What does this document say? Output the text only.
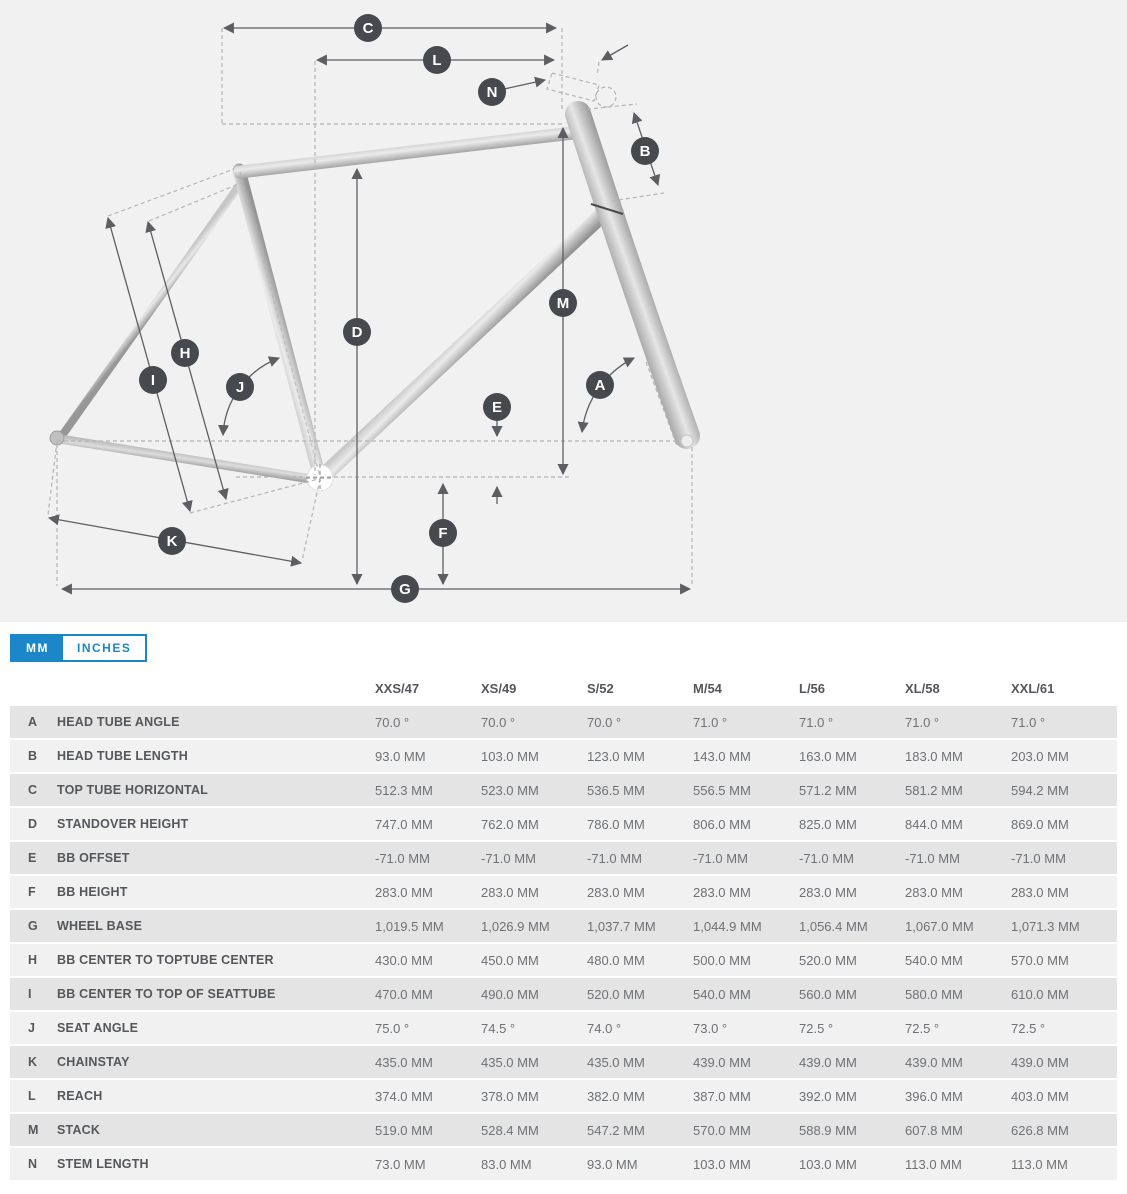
C
L
N
B
M
D
H
I	J	A
E
F
K
G
MM	INCHES
XXS/47	XS/49	S/52	M/54	L/56	XL/58	XXL/61
A	HEAD TUBE ANGLE	70.0 °	70.0 °	70.0 °	71.0 °	71.0 °	71.0 °	71.0 °
B	HEAD TUBE LENGTH	93.0 MM	103.0 MM	123.0 MM	143.0 MM	163.0 MM	183.0 MM	203.0 MM
C	TOP TUBE HORIZONTAL	512.3 MM	523.0 MM	536.5 MM	556.5 MM	571.2 MM	581.2 MM	594.2 MM
D	STANDOVER HEIGHT	747.0 MM	762.0 MM	786.0 MM	806.0 MM	825.0 MM	844.0 MM	869.0 MM
E	BB OFFSET	-71.0 MM	-71.0 MM	-71.0 MM	-71.0 MM	-71.0 MM	-71.0 MM	-71.0 MM
F	BB HEIGHT	283.0 MM	283.0 MM	283.0 MM	283.0 MM	283.0 MM	283.0 MM	283.0 MM
G	WHEEL BASE	1,019.5 MM	1,026.9 MM	1,037.7 MM	1,044.9 MM	1,056.4 MM	1,067.0 MM	1,071.3 MM
H	BB CENTER TO TOPTUBE CENTER	430.0 MM	450.0 MM	480.0 MM	500.0 MM	520.0 MM	540.0 MM	570.0 MM
I	BB CENTER TO TOP OF SEATTUBE	470.0 MM	490.0 MM	520.0 MM	540.0 MM	560.0 MM	580.0 MM	610.0 MM
J	SEAT ANGLE	75.0 °	74.5 °	74.0 °	73.0 °	72.5 °	72.5 °	72.5 °
K	CHAINSTAY	435.0 MM	435.0 MM	435.0 MM	439.0 MM	439.0 MM	439.0 MM	439.0 MM
L	REACH	374.0 MM	378.0 MM	382.0 MM	387.0 MM	392.0 MM	396.0 MM	403.0 MM
M	STACK	519.0 MM	528.4 MM	547.2 MM	570.0 MM	588.9 MM	607.8 MM	626.8 MM
N	STEM LENGTH	73.0 MM	83.0 MM	93.0 MM	103.0 MM	103.0 MM	113.0 MM	113.0 MM
